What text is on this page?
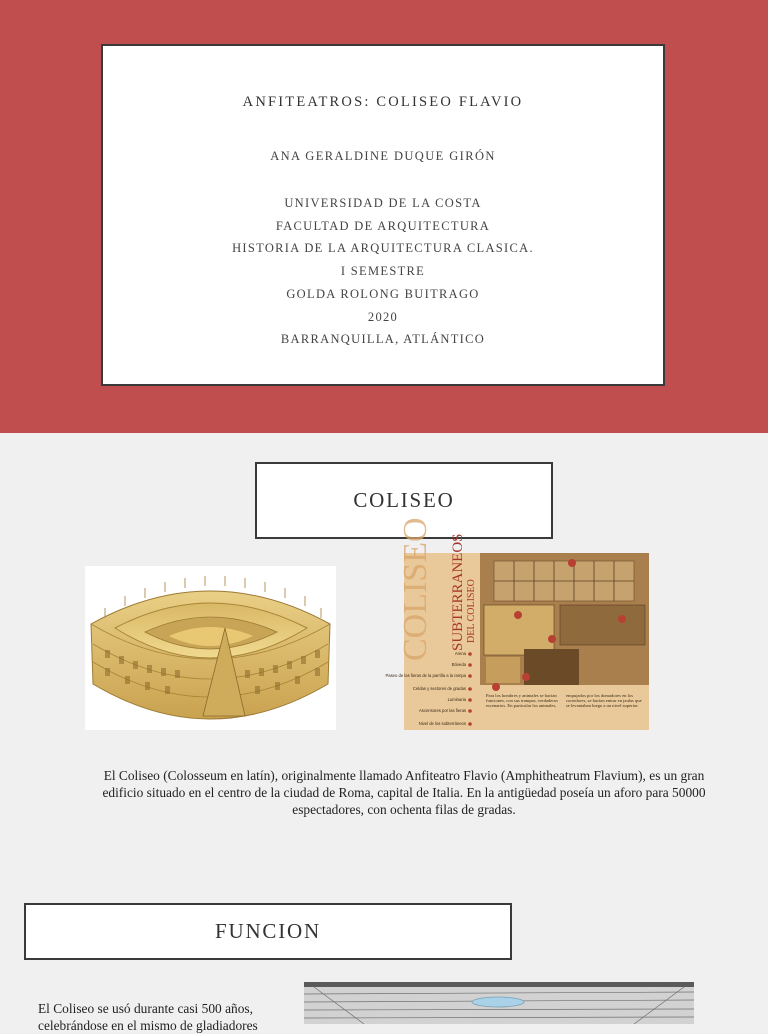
ANFITEATROS: COLISEO FLAVIO
ANA GERALDINE DUQUE GIRÓN
UNIVERSIDAD DE LA COSTA
FACULTAD DE ARQUITECTURA
HISTORIA DE LA ARQUITECTURA CLASICA.
I SEMESTRE
GOLDA ROLONG BUITRAGO
2020
BARRANQUILLA, ATLÁNTICO
COLISEO
COLISEO SUBTERRANEOS DEL COLISEO
Arena
Bóveda
Paseo de las fieras de la parrilla a la rampa
Celdas y sectores de gradas
Luminaria
Ascensores por las fieras
Nivel de los subterráneos
Para los hombres y animales se hacían funciones, con sus trampas, verdaderos escenarios. En particular los animales,
empujados por los domadores en los corredores, se hacían entrar en jaulas que se levantaban luego a un nivel superior.
El Coliseo (Colosseum en latín), originalmente llamado Anfiteatro Flavio (Amphitheatrum Flavium), es un gran edificio situado en el centro de la ciudad de Roma, capital de Italia. En la antigüedad poseía un aforo para 50000 espectadores, con ochenta filas de gradas.
FUNCION
El Coliseo se usó durante casi 500 años, celebrándose en el mismo de gladiadores
